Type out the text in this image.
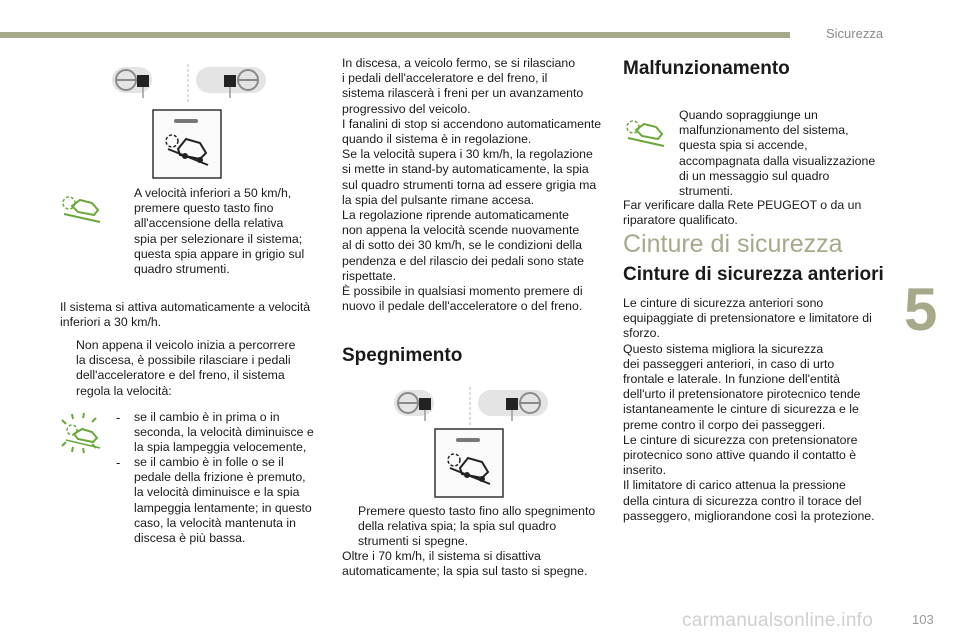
Sicurezza
5
103
carmanualsonline.info
A velocità inferiori a 50 km/h,
premere questo tasto fino
all'accensione della relativa
spia per selezionare il sistema;
questa spia appare in grigio sul
quadro strumenti.
Il sistema si attiva automaticamente a velocità
inferiori a 30 km/h.
Non appena il veicolo inizia a percorrere
la discesa, è possibile rilasciare i pedali
dell'acceleratore e del freno, il sistema
regola la velocità:
- se il cambio è in prima o in
seconda, la velocità diminuisce e
la spia lampeggia velocemente,
- se il cambio è in folle o se il
pedale della frizione è premuto,
la velocità diminuisce e la spia
lampeggia lentamente; in questo
caso, la velocità mantenuta in
discesa è più bassa.
In discesa, a veicolo fermo, se si rilasciano
i pedali dell'acceleratore e del freno, il
sistema rilascerà i freni per un avanzamento
progressivo del veicolo.
I fanalini di stop si accendono automaticamente
quando il sistema è in regolazione.
Se la velocità supera i 30 km/h, la regolazione
si mette in stand-by automaticamente, la spia
sul quadro strumenti torna ad essere grigia ma
la spia del pulsante rimane accesa.
La regolazione riprende automaticamente
non appena la velocità scende nuovamente
al di sotto dei 30 km/h, se le condizioni della
pendenza e del rilascio dei pedali sono state
rispettate.
È possibile in qualsiasi momento premere di
nuovo il pedale dell'acceleratore o del freno.
Spegnimento
Premere questo tasto fino allo spegnimento
della relativa spia; la spia sul quadro
strumenti si spegne.
Oltre i 70 km/h, il sistema si disattiva
automaticamente; la spia sul tasto si spegne.
Malfunzionamento
Quando sopraggiunge un
malfunzionamento del sistema,
questa spia si accende,
accompagnata dalla visualizzazione
di un messaggio sul quadro
strumenti.
Far verificare dalla Rete PEUGEOT o da un
riparatore qualificato.
Cinture di sicurezza
Cinture di sicurezza anteriori
Le cinture di sicurezza anteriori sono
equipaggiate di pretensionatore e limitatore di
sforzo.
Questo sistema migliora la sicurezza
dei passeggeri anteriori, in caso di urto
frontale e laterale. In funzione dell'entità
dell'urto il pretensionatore pirotecnico tende
istantaneamente le cinture di sicurezza e le
preme contro il corpo dei passeggeri.
Le cinture di sicurezza con pretensionatore
pirotecnico sono attive quando il contatto è
inserito.
Il limitatore di carico attenua la pressione
della cintura di sicurezza contro il torace del
passeggero, migliorandone così la protezione.
